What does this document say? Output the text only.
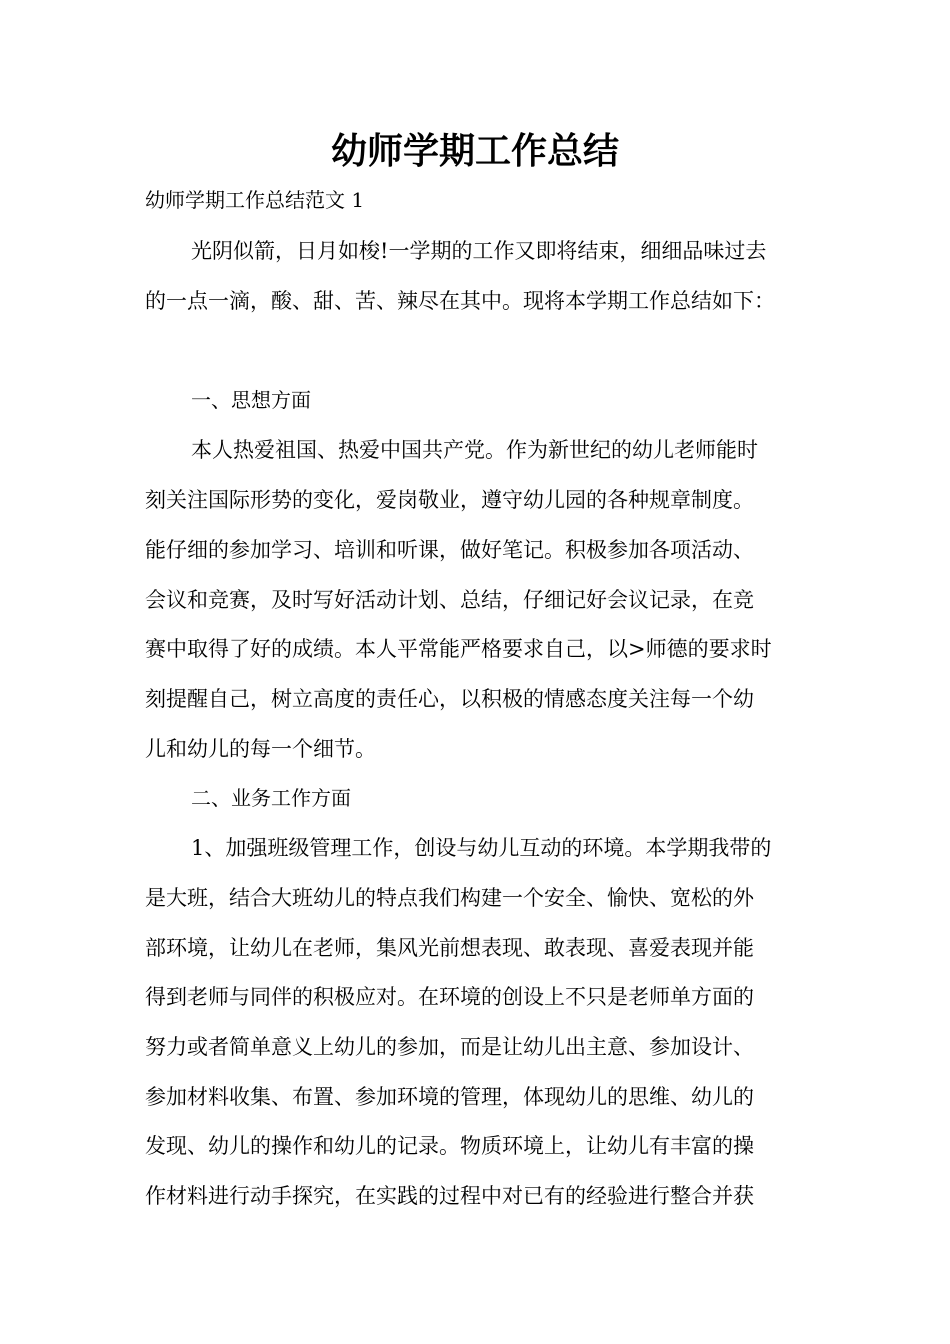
幼师学期工作总结
幼师学期工作总结范文 1
光阴似箭，日月如梭!一学期的工作又即将结束，细细品味过去
的一点一滴，酸、甜、苦、辣尽在其中。现将本学期工作总结如下：
一、思想方面
本人热爱祖国、热爱中国共产党。作为新世纪的幼儿老师能时
刻关注国际形势的变化，爱岗敬业，遵守幼儿园的各种规章制度。
能仔细的参加学习、培训和听课，做好笔记。积极参加各项活动、
会议和竞赛，及时写好活动计划、总结，仔细记好会议记录，在竞
赛中取得了好的成绩。本人平常能严格要求自己，以>师德的要求时
刻提醒自己，树立高度的责任心，以积极的情感态度关注每一个幼
儿和幼儿的每一个细节。
二、业务工作方面
1、加强班级管理工作，创设与幼儿互动的环境。本学期我带的
是大班，结合大班幼儿的特点我们构建一个安全、愉快、宽松的外
部环境，让幼儿在老师，集风光前想表现、敢表现、喜爱表现并能
得到老师与同伴的积极应对。在环境的创设上不只是老师单方面的
努力或者简单意义上幼儿的参加，而是让幼儿出主意、参加设计、
参加材料收集、布置、参加环境的管理，体现幼儿的思维、幼儿的
发现、幼儿的操作和幼儿的记录。物质环境上，让幼儿有丰富的操
作材料进行动手探究，在实践的过程中对已有的经验进行整合并获
